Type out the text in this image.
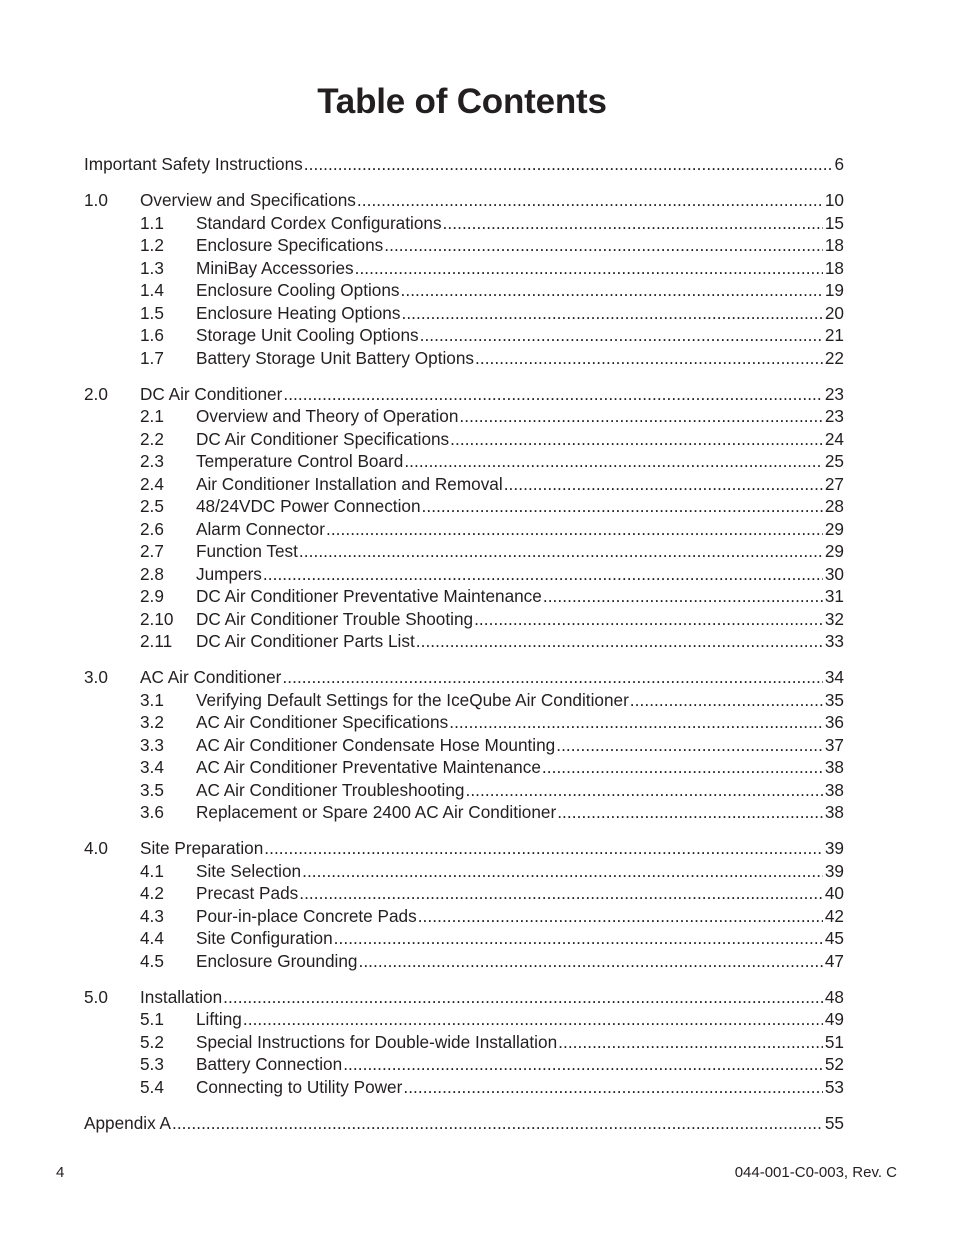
Table of Contents
Important Safety Instructions . . .	6
1.0	Overview and Specifications . . .	10
1.1	Standard Cordex Configurations . . .	15
1.2	Enclosure Specifications . . .	18
1.3	MiniBay Accessories . . .	18
1.4	Enclosure Cooling Options . . .	19
1.5	Enclosure Heating Options . . .	20
1.6	Storage Unit Cooling Options . . .	21
1.7	Battery Storage Unit Battery Options . . .	22
2.0	DC Air Conditioner . . .	23
2.1	Overview and Theory of Operation . . .	23
2.2	DC Air Conditioner Specifications . . .	24
2.3	Temperature Control Board . . .	25
2.4	Air Conditioner Installation and Removal . . .	27
2.5	48/24VDC Power Connection . . .	28
2.6	Alarm Connector . . .	29
2.7	Function Test . . .	29
2.8	Jumpers . . .	30
2.9	DC Air Conditioner Preventative Maintenance . . .	31
2.10	DC Air Conditioner Trouble Shooting . . .	32
2.11	DC Air Conditioner Parts List . . .	33
3.0	AC Air Conditioner . . .	34
3.1	Verifying Default Settings for the IceQube Air Conditioner . . .	35
3.2	AC Air Conditioner Specifications . . .	36
3.3	AC Air Conditioner Condensate Hose Mounting . . .	37
3.4	AC Air Conditioner Preventative Maintenance . . .	38
3.5	AC Air Conditioner Troubleshooting . . .	38
3.6	Replacement or Spare 2400 AC Air Conditioner . . .	38
4.0	Site Preparation . . .	39
4.1	Site Selection . . .	39
4.2	Precast Pads . . .	40
4.3	Pour-in-place Concrete Pads . . .	42
4.4	Site Configuration . . .	45
4.5	Enclosure Grounding . . .	47
5.0	Installation . . .	48
5.1	Lifting . . .	49
5.2	Special Instructions for Double-wide Installation . . .	51
5.3	Battery Connection . . .	52
5.4	Connecting to Utility Power . . .	53
Appendix A . . .	55
4	044-001-C0-003, Rev. C
